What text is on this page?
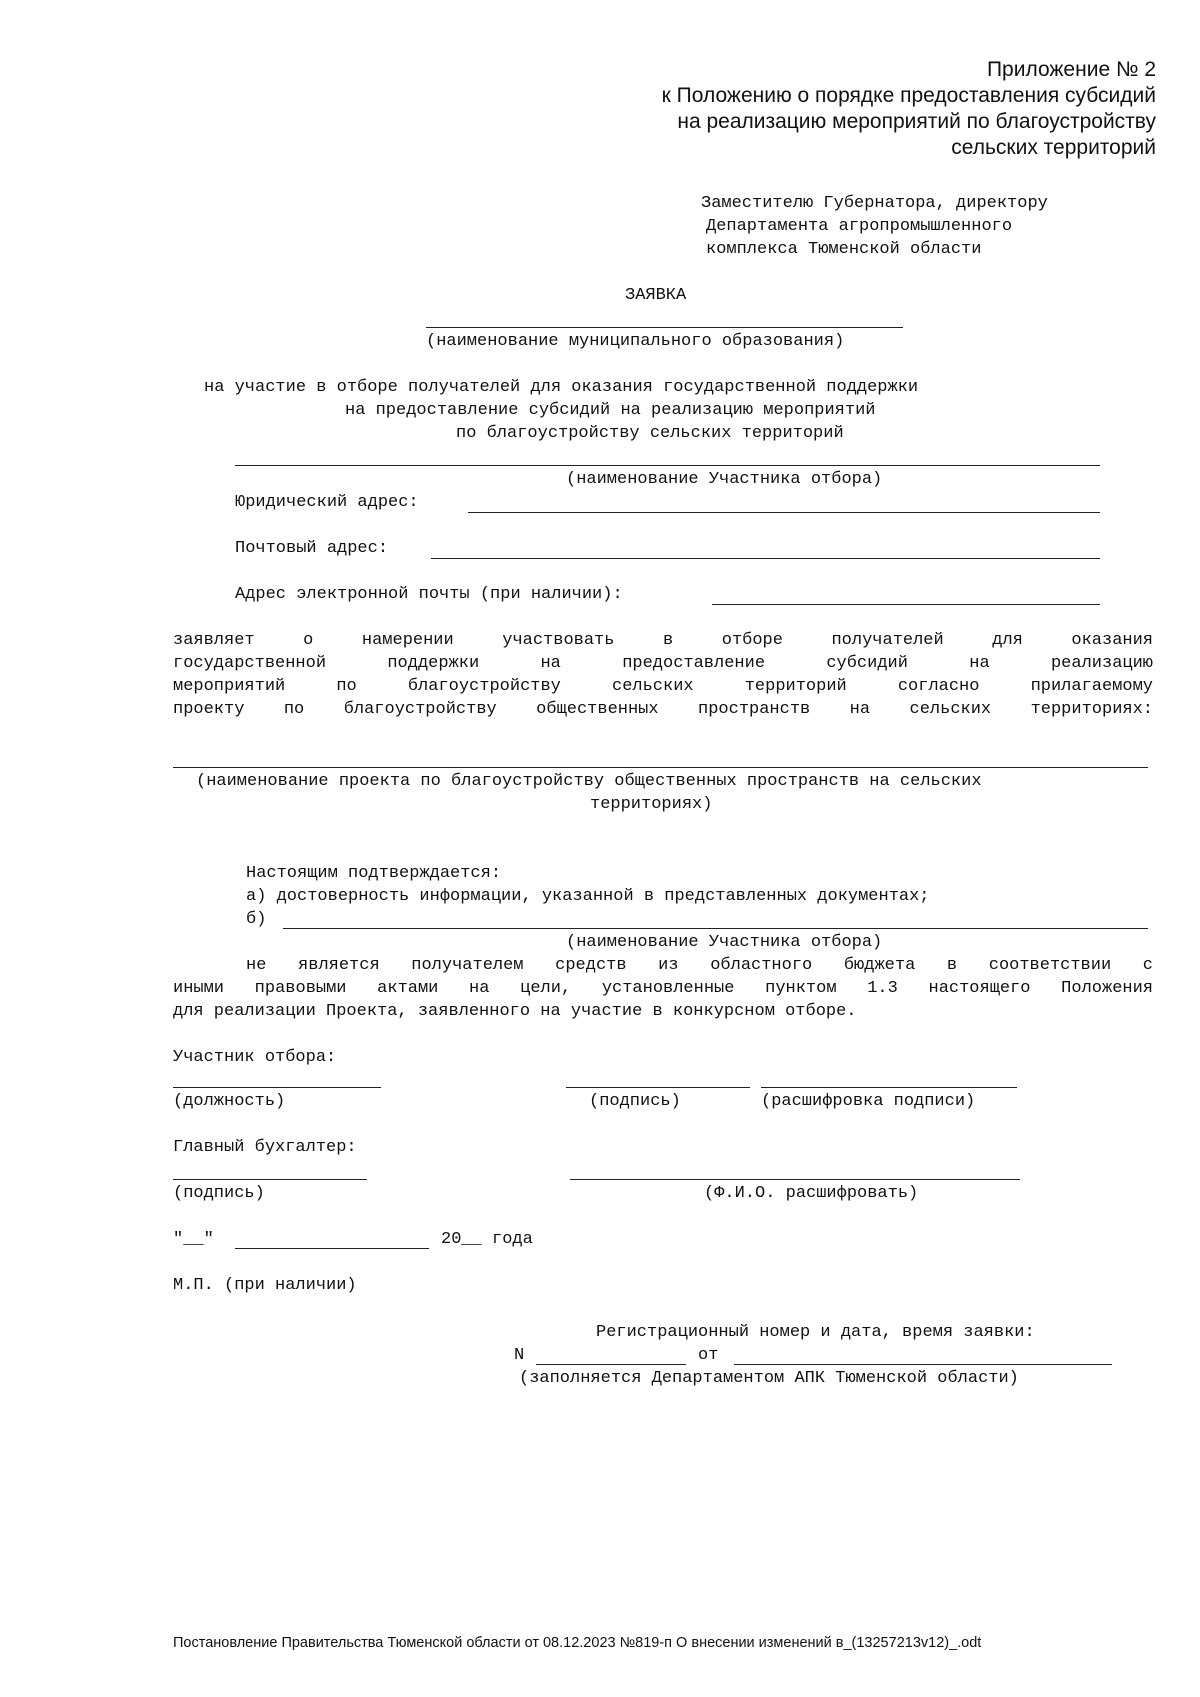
Приложение № 2
к Положению о порядке предоставления субсидий
на реализацию мероприятий по благоустройству
сельских территорий
Заместителю Губернатора, директору
Департамента агропромышленного
комплекса Тюменской области
ЗАЯВКА
(наименование муниципального образования)
на участие в отборе получателей для оказания государственной поддержки
на предоставление субсидий на реализацию мероприятий
по благоустройству сельских территорий
(наименование Участника отбора)
Юридический адрес:
Почтовый адрес:
Адрес электронной почты (при наличии):
заявляет о намерении участвовать в отборе получателей для оказания
государственной поддержки на предоставление субсидий на реализацию
мероприятий по благоустройству сельских территорий согласно прилагаемому
проекту по благоустройству общественных пространств на сельских территориях:
(наименование проекта по благоустройству общественных пространств на сельских
территориях)
Настоящим подтверждается:
а) достоверность информации, указанной в представленных документах;
б)
(наименование Участника отбора)
не является получателем средств из областного бюджета в соответствии с
иными правовыми актами на цели, установленные пунктом 1.3 настоящего Положения
для реализации Проекта, заявленного на участие в конкурсном отборе.
Участник отбора:
(должность)	(подпись)	(расшифровка подписи)
Главный бухгалтер:
(подпись)	(Ф.И.О. расшифровать)
"__"	20__ года
М.П. (при наличии)
Регистрационный номер и дата, время заявки:
N	от
(заполняется Департаментом АПК Тюменской области)
Постановление Правительства Тюменской области от 08.12.2023 №819-п О внесении изменений в_(13257213v12)_.odt
